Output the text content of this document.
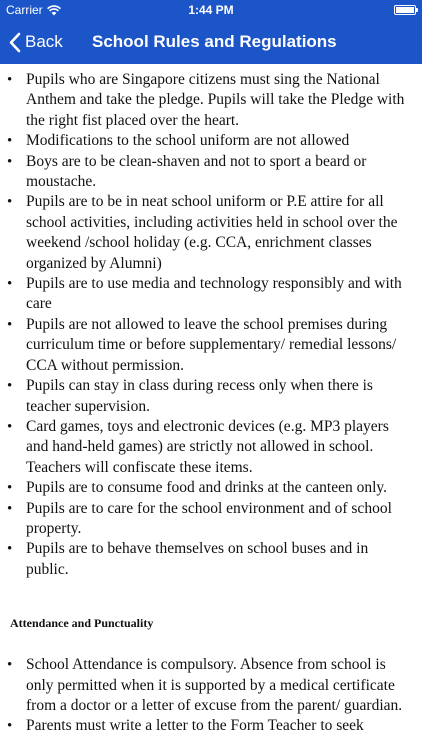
Carrier	1:44 PM
Back School Rules and Regulations
• Pupils who are Singapore citizens must sing the National Anthem and take the pledge. Pupils will take the Pledge with the right fist placed over the heart.
• Modifications to the school uniform are not allowed
• Boys are to be clean-shaven and not to sport a beard or moustache.
• Pupils are to be in neat school uniform or P.E attire for all school activities, including activities held in school over the weekend /school holiday (e.g. CCA, enrichment classes organized by Alumni)
• Pupils are to use media and technology responsibly and with care
• Pupils are not allowed to leave the school premises during curriculum time or before supplementary/ remedial lessons/ CCA without permission.
• Pupils can stay in class during recess only when there is teacher supervision.
• Card games, toys and electronic devices (e.g. MP3 players and hand-held games) are strictly not allowed in school. Teachers will confiscate these items.
• Pupils are to consume food and drinks at the canteen only.
• Pupils are to care for the school environment and of school property.
• Pupils are to behave themselves on school buses and in public.
Attendance and Punctuality
• School Attendance is compulsory. Absence from school is only permitted when it is supported by a medical certificate from a doctor or a letter of excuse from the parent/ guardian.
• Parents must write a letter to the Form Teacher to seek
